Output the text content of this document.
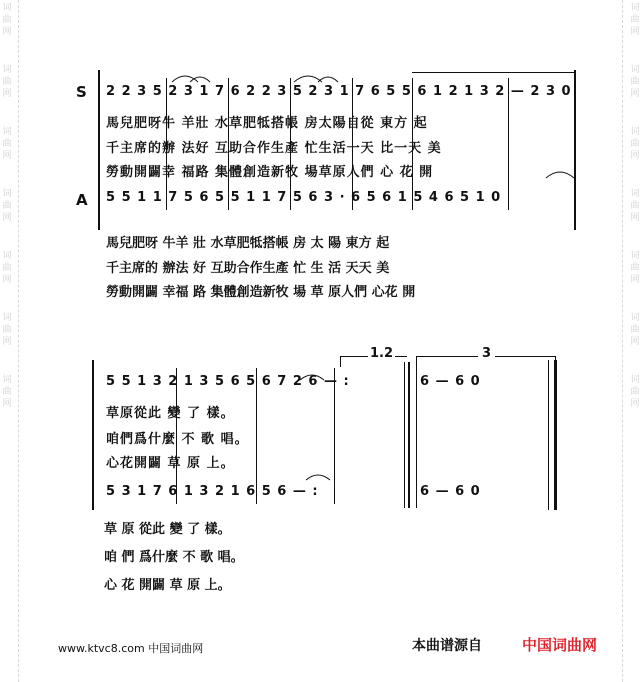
词
曲
网
词
曲
网
词
曲
网
词
曲
网
词
曲
网
词
曲
网
词
曲
网
词
曲
网
词
曲
网
词
曲
网
词
曲
网
词
曲
网
词
曲
网
词
曲
网
S 2 2 3 5 2 3 1 7 6 2 2 3 5 2 3 1 7 6 5 5 6 1 2 1 3 2 — 2 3 0
馬兒肥呀牛 羊壯 水草肥牴搭帳 房太陽自從 東方 起
千主席的辦 法好 互助合作生產 忙生活一天 比一天 美
勞動開闢幸 福路 集體創造新牧 場草原人們 心 花 開
A 5 5 1 1 7 5 6 5 5 1 1 7 5 6 3 · 6 5 6 1 5 4 6 5 1 0
馬兒肥呀 牛羊 壯 水草肥牴搭帳 房 太 陽 東方 起
千主席的 辦法 好 互助合作生產 忙 生 活 天天 美
勞動開闢 幸福 路 集體創造新牧 場 草 原人們 心花 開
1.2	3
5 5 1 3 2 1 3 5 6 5 6 7 2 6 — :	6 — 6 0
草原從此 變 了 樣。
咱們爲什麼 不 歌 唱。
心花開闢 草 原 上。
5 3 1 7 6 1 3 2 1 6 5 6 — :	6 — 6 0
草 原 從此 變 了 樣。
咱 們 爲什麼 不 歌 唱。
心 花 開闢 草 原 上。
www.ktvc8.com 中国词曲网	本曲谱源自	中国词曲网
